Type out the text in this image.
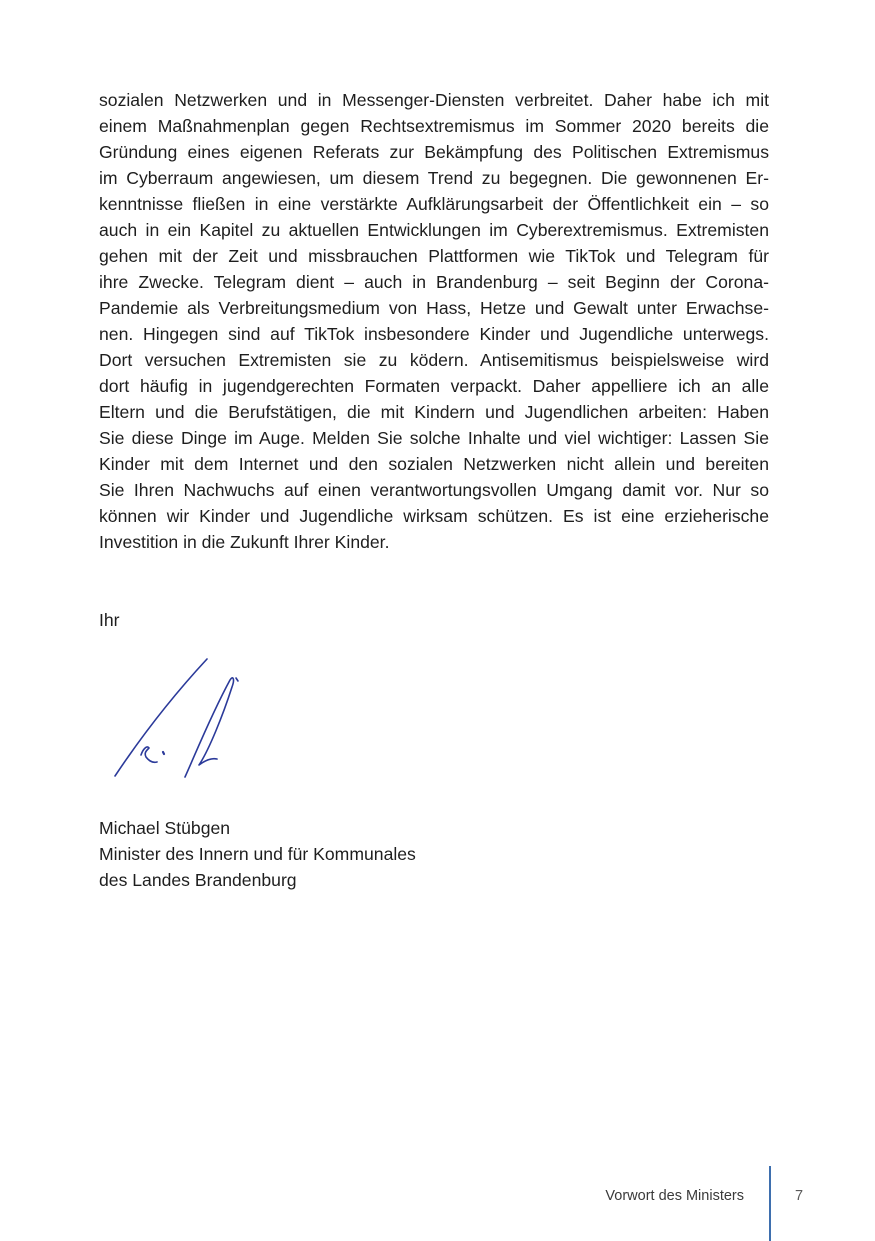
sozialen Netzwerken und in Messenger-Diensten verbreitet. Daher habe ich mit
einem Maßnahmenplan gegen Rechtsextremismus im Sommer 2020 bereits die
Gründung eines eigenen Referats zur Bekämpfung des Politischen Extremismus
im Cyberraum angewiesen, um diesem Trend zu begegnen. Die gewonnenen Er-
kenntnisse fließen in eine verstärkte Aufklärungsarbeit der Öffentlichkeit ein – so
auch in ein Kapitel zu aktuellen Entwicklungen im Cyberextremismus. Extremisten
gehen mit der Zeit und missbrauchen Plattformen wie TikTok und Telegram für
ihre Zwecke. Telegram dient – auch in Brandenburg – seit Beginn der Corona-
Pandemie als Verbreitungsmedium von Hass, Hetze und Gewalt unter Erwachse-
nen. Hingegen sind auf TikTok insbesondere Kinder und Jugendliche unterwegs.
Dort versuchen Extremisten sie zu ködern. Antisemitismus beispielsweise wird
dort häufig in jugendgerechten Formaten verpackt. Daher appelliere ich an alle
Eltern und die Berufstätigen, die mit Kindern und Jugendlichen arbeiten: Haben
Sie diese Dinge im Auge. Melden Sie solche Inhalte und viel wichtiger: Lassen Sie
Kinder mit dem Internet und den sozialen Netzwerken nicht allein und bereiten
Sie Ihren Nachwuchs auf einen verantwortungsvollen Umgang damit vor. Nur so
können wir Kinder und Jugendliche wirksam schützen. Es ist eine erzieherische
Investition in die Zukunft Ihrer Kinder.
Ihr
Michael Stübgen
Minister des Innern und für Kommunales
des Landes Brandenburg
Vorwort des Ministers	7
